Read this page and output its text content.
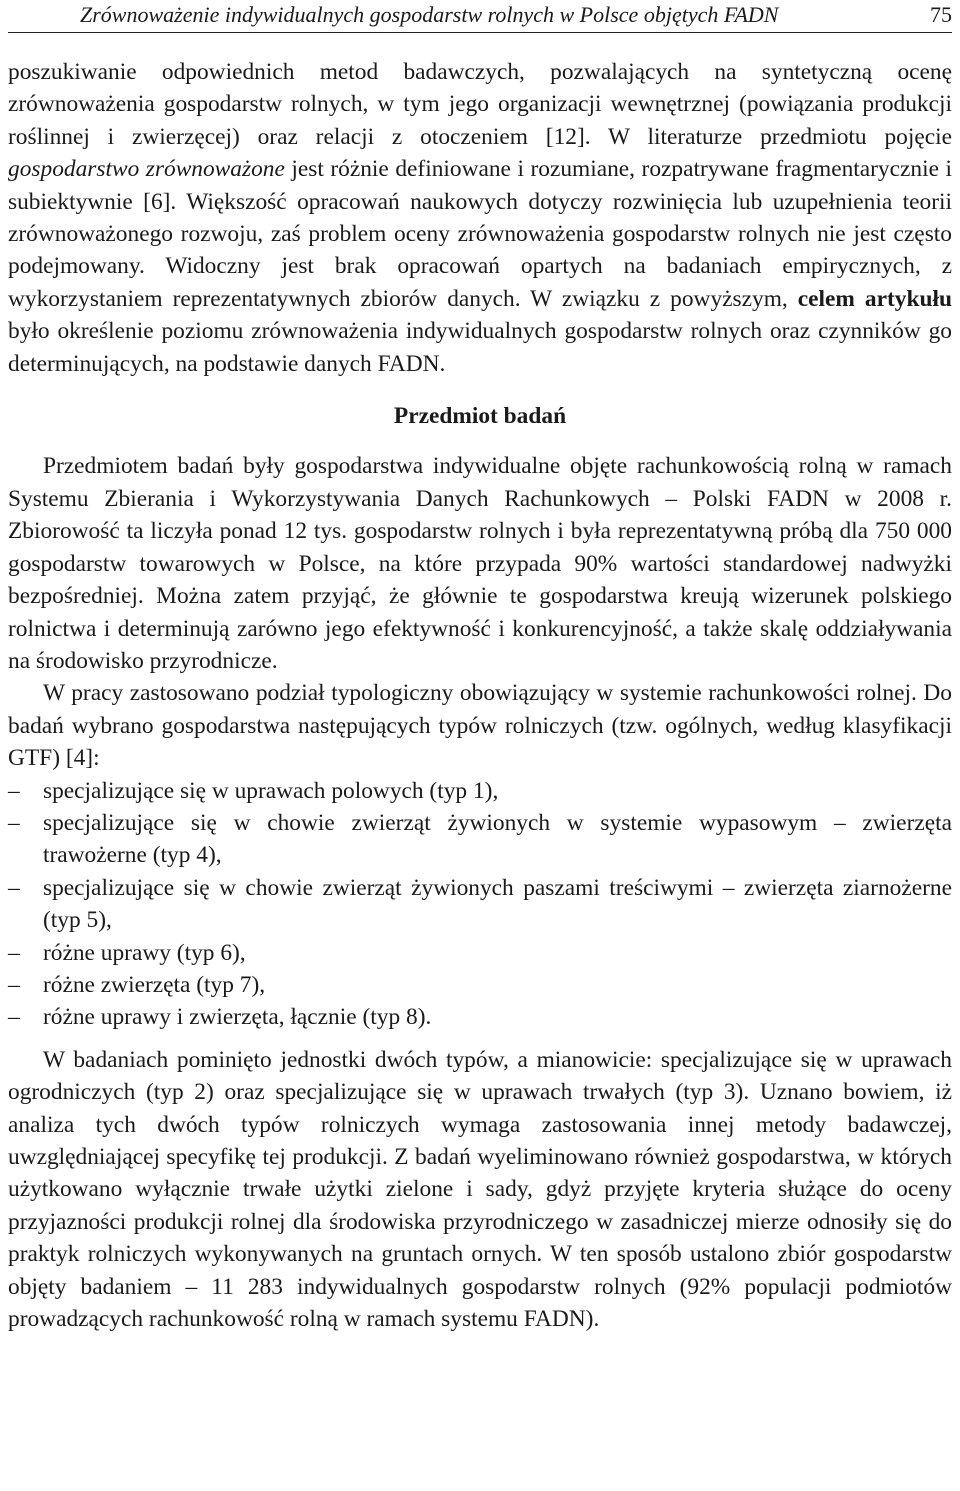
Zrównoważenie indywidualnych gospodarstw rolnych w Polsce objętych FADN	75

poszukiwanie odpowiednich metod badawczych, pozwalających na syntetyczną ocenę zrównoważenia gospodarstw rolnych, w tym jego organizacji wewnętrznej (powiązania produkcji roślinnej i zwierzęcej) oraz relacji z otoczeniem [12]. W literaturze przedmiotu pojęcie gospodarstwo zrównoważone jest różnie definiowane i rozumiane, rozpatrywane fragmentarycznie i subiektywnie [6]. Większość opracowań naukowych dotyczy rozwinięcia lub uzupełnienia teorii zrównoważonego rozwoju, zaś problem oceny zrównoważenia gospodarstw rolnych nie jest często podejmowany. Widoczny jest brak opracowań opartych na badaniach empirycznych, z wykorzystaniem reprezentatywnych zbiorów danych. W związku z powyższym, celem artykułu było określenie poziomu zrównoważenia indywidualnych gospodarstw rolnych oraz czynników go determinujących, na podstawie danych FADN.

Przedmiot badań

Przedmiotem badań były gospodarstwa indywidualne objęte rachunkowością rolną w ramach Systemu Zbierania i Wykorzystywania Danych Rachunkowych – Polski FADN w 2008 r. Zbiorowość ta liczyła ponad 12 tys. gospodarstw rolnych i była reprezentatywną próbą dla 750 000 gospodarstw towarowych w Polsce, na które przypada 90% wartości standardowej nadwyżki bezpośredniej. Można zatem przyjąć, że głównie te gospodarstwa kreują wizerunek polskiego rolnictwa i determinują zarówno jego efektywność i konkurencyjność, a także skalę oddziaływania na środowisko przyrodnicze.

W pracy zastosowano podział typologiczny obowiązujący w systemie rachunkowości rolnej. Do badań wybrano gospodarstwa następujących typów rolniczych (tzw. ogólnych, według klasyfikacji GTF) [4]:

– specjalizujące się w uprawach polowych (typ 1),
– specjalizujące się w chowie zwierząt żywionych w systemie wypasowym – zwierzęta trawożerne (typ 4),
– specjalizujące się w chowie zwierząt żywionych paszami treściwymi – zwierzęta ziarnożerne (typ 5),
– różne uprawy (typ 6),
– różne zwierzęta (typ 7),
– różne uprawy i zwierzęta, łącznie (typ 8).

W badaniach pominięto jednostki dwóch typów, a mianowicie: specjalizujące się w uprawach ogrodniczych (typ 2) oraz specjalizujące się w uprawach trwałych (typ 3). Uznano bowiem, iż analiza tych dwóch typów rolniczych wymaga zastosowania innej metody badawczej, uwzględniającej specyfikę tej produkcji. Z badań wyeliminowano również gospodarstwa, w których użytkowano wyłącznie trwałe użytki zielone i sady, gdyż przyjęte kryteria służące do oceny przyjazności produkcji rolnej dla środowiska przyrodniczego w zasadniczej mierze odnosiły się do praktyk rolniczych wykonywanych na gruntach ornych. W ten sposób ustalono zbiór gospodarstw objęty badaniem – 11 283 indywidualnych gospodarstw rolnych (92% populacji podmiotów prowadzących rachunkowość rolną w ramach systemu FADN).
